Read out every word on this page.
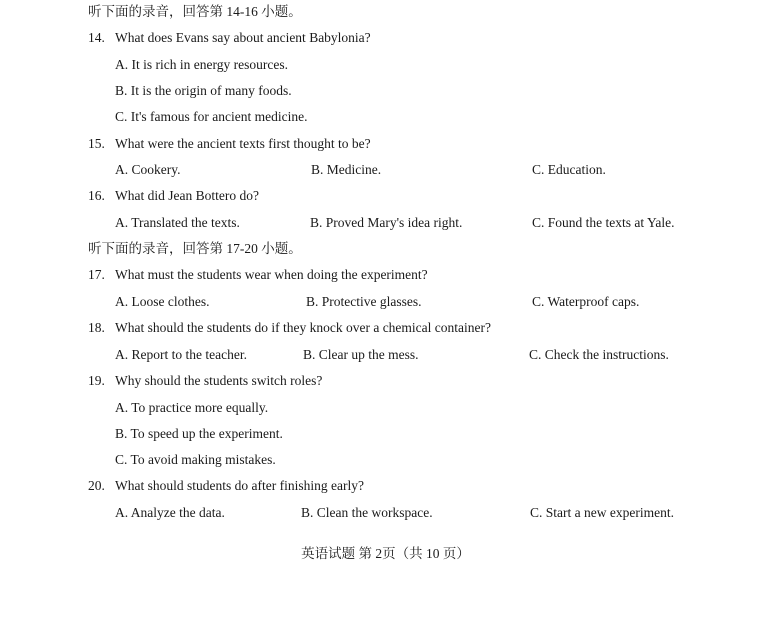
听下面的录音，回答第 14-16 小题。
14. What does Evans say about ancient Babylonia?
A. It is rich in energy resources.
B. It is the origin of many foods.
C. It's famous for ancient medicine.
15. What were the ancient texts first thought to be?
A. Cookery.	B. Medicine.	C. Education.
16. What did Jean Bottero do?
A. Translated the texts.	B. Proved Mary's idea right.	C. Found the texts at Yale.
听下面的录音，回答第 17-20 小题。
17. What must the students wear when doing the experiment?
A. Loose clothes.	B. Protective glasses.	C. Waterproof caps.
18. What should the students do if they knock over a chemical container?
A. Report to the teacher.	B. Clear up the mess.	C. Check the instructions.
19. Why should the students switch roles?
A. To practice more equally.
B. To speed up the experiment.
C. To avoid making mistakes.
20. What should students do after finishing early?
A. Analyze the data.	B. Clean the workspace.	C. Start a new experiment.
英语试题 第 2页（共 10 页）
